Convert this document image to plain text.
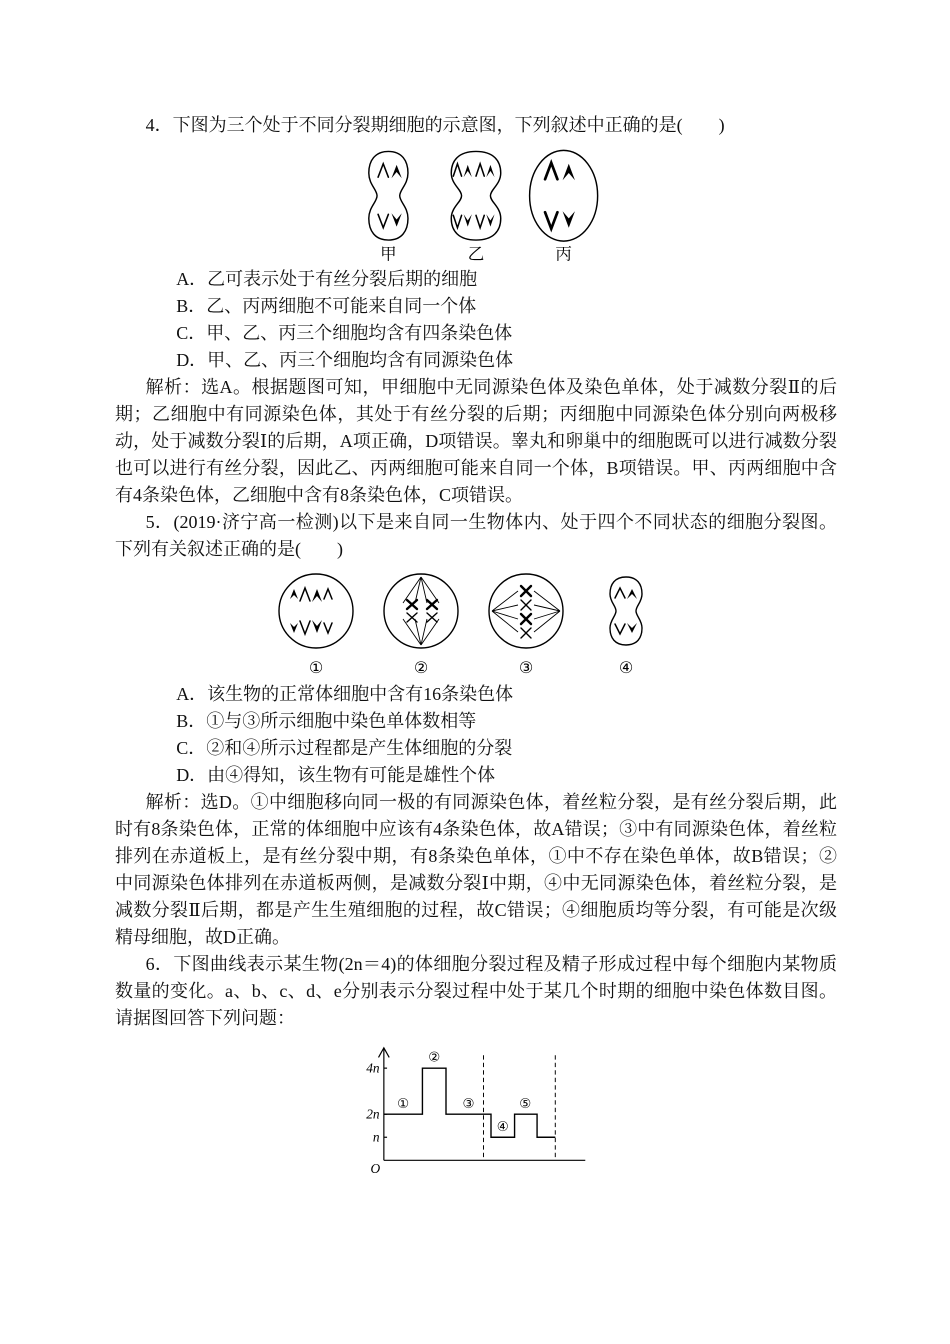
4．下图为三个处于不同分裂期细胞的示意图，下列叙述中正确的是(　　)

甲	乙	丙

A．乙可表示处于有丝分裂后期的细胞

B．乙、丙两细胞不可能来自同一个体

C．甲、乙、丙三个细胞均含有四条染色体

D．甲、乙、丙三个细胞均含有同源染色体

解析：选A。根据题图可知，甲细胞中无同源染色体及染色单体，处于减数分裂Ⅱ的后期；乙细胞中有同源染色体，其处于有丝分裂的后期；丙细胞中同源染色体分别向两极移动，处于减数分裂Ⅰ的后期，A项正确，D项错误。睾丸和卵巢中的细胞既可以进行减数分裂也可以进行有丝分裂，因此乙、丙两细胞可能来自同一个体，B项错误。甲、丙两细胞中含有4条染色体，乙细胞中含有8条染色体，C项错误。

5．(2019·济宁高一检测)以下是来自同一生物体内、处于四个不同状态的细胞分裂图。下列有关叙述正确的是(　　)

①	②	③	④

A．该生物的正常体细胞中含有16条染色体

B．①与③所示细胞中染色单体数相等

C．②和④所示过程都是产生体细胞的分裂

D．由④得知，该生物有可能是雄性个体

解析：选D。①中细胞移向同一极的有同源染色体，着丝粒分裂，是有丝分裂后期，此时有8条染色体，正常的体细胞中应该有4条染色体，故A错误；③中有同源染色体，着丝粒排列在赤道板上，是有丝分裂中期，有8条染色单体，①中不存在染色单体，故B错误；②中同源染色体排列在赤道板两侧，是减数分裂Ⅰ中期，④中无同源染色体，着丝粒分裂，是减数分裂Ⅱ后期，都是产生生殖细胞的过程，故C错误；④细胞质均等分裂，有可能是次级精母细胞，故D正确。

6．下图曲线表示某生物(2n＝4)的体细胞分裂过程及精子形成过程中每个细胞内某物质数量的变化。a、b、c、d、e分别表示分裂过程中处于某几个时期的细胞中染色体数目图。请据图回答下列问题：

4n
2n
n
①
②
③
④
⑤
O
